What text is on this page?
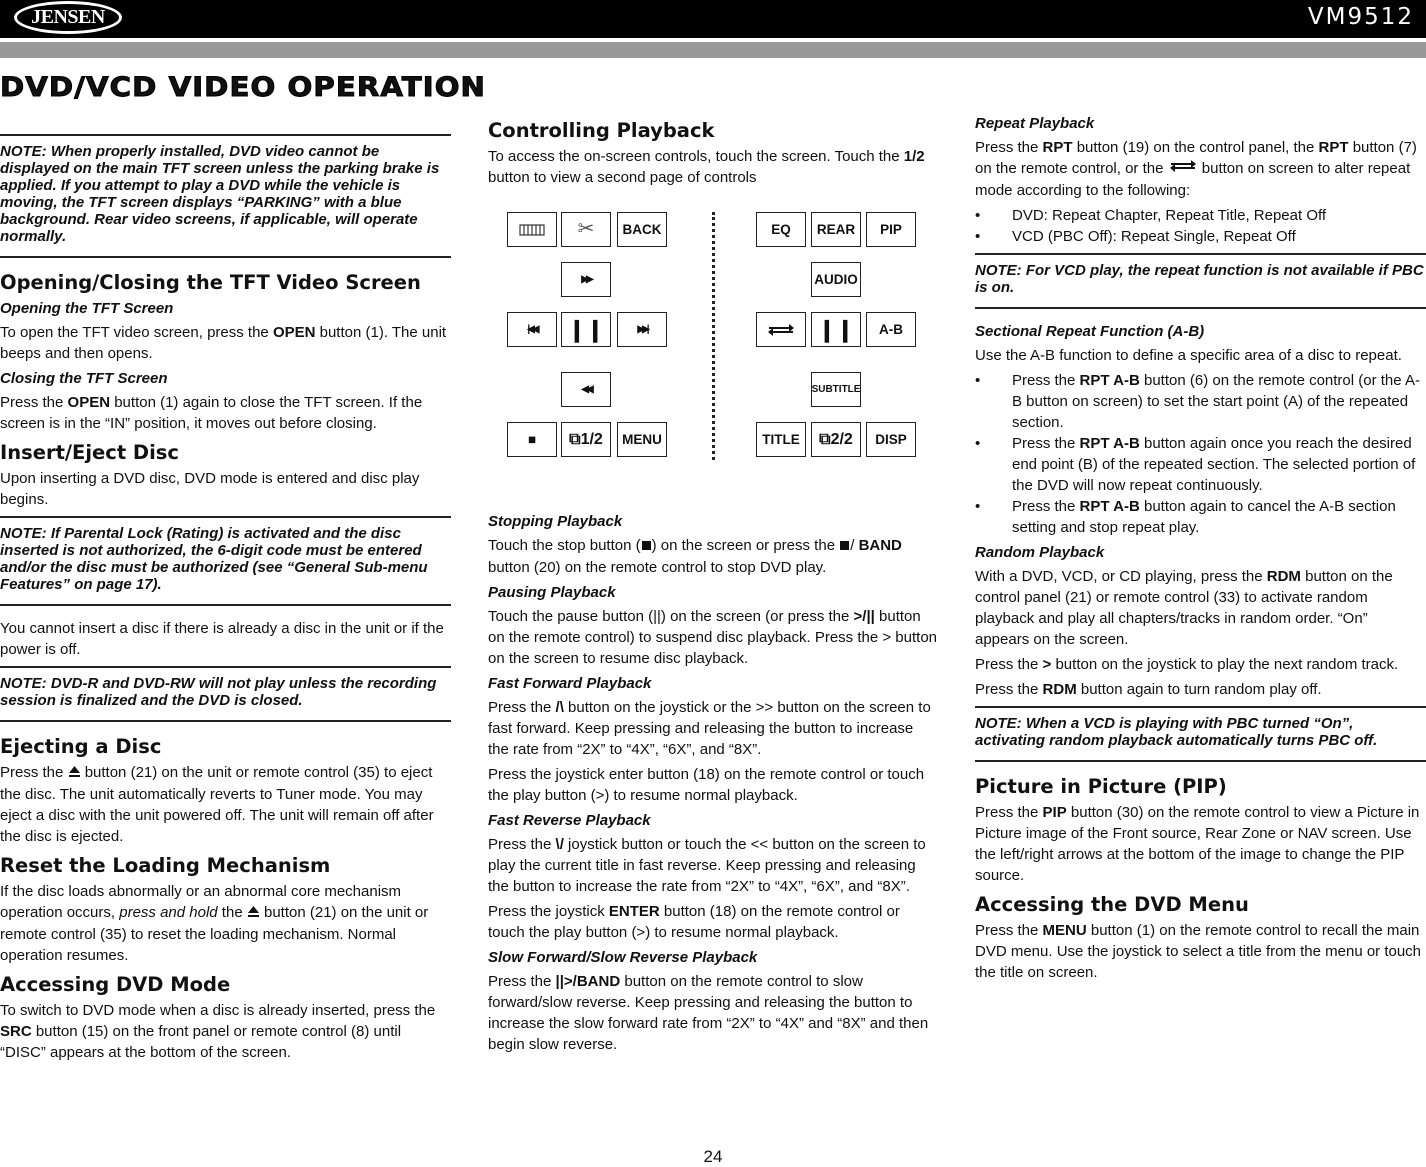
JENSEN	VM9512
DVD/VCD VIDEO OPERATION
NOTE: When properly installed, DVD video cannot be displayed on the main TFT screen unless the parking brake is applied. If you attempt to play a DVD while the vehicle is moving, the TFT screen displays “PARKING” with a blue background. Rear video screens, if applicable, will operate normally.
Opening/Closing the TFT Video Screen
Opening the TFT Screen
To open the TFT video screen, press the OPEN button (1). The unit beeps and then opens.
Closing the TFT Screen
Press the OPEN button (1) again to close the TFT screen. If the screen is in the “IN” position, it moves out before closing.
Insert/Eject Disc
Upon inserting a DVD disc, DVD mode is entered and disc play begins.
NOTE: If Parental Lock (Rating) is activated and the disc inserted is not authorized, the 6-digit code must be entered and/or the disc must be authorized (see “General Sub-menu Features” on page 17).
You cannot insert a disc if there is already a disc in the unit or if the power is off.
NOTE: DVD-R and DVD-RW will not play unless the recording session is finalized and the DVD is closed.
Ejecting a Disc
Press the  button (21) on the unit or remote control (35) to eject the disc. The unit automatically reverts to Tuner mode. You may eject a disc with the unit powered off. The unit will remain off after the disc is ejected.
Reset the Loading Mechanism
If the disc loads abnormally or an abnormal core mechanism operation occurs, press and hold the  button (21) on the unit or remote control (35) to reset the loading mechanism. Normal operation resumes.
Accessing DVD Mode
To switch to DVD mode when a disc is already inserted, press the SRC button (15) on the front panel or remote control (8) until “DISC” appears at the bottom of the screen.
Controlling Playback
To access the on-screen controls, touch the screen. Touch the 1/2 button to view a second page of controls
✂	BACK
▶▶
|◀◀	❙❙	▶▶|
◀◀
■	⧉1/2	MENU
EQ	REAR	PIP
AUDIO
❙❙	A-B
SUBTITLE
TITLE	⧉2/2	DISP
Stopping Playback
Touch the stop button ( ) on the screen or press the / BAND button (20) on the remote control to stop DVD play.
Pausing Playback
Touch the pause button (||) on the screen (or press the >/|| button on the remote control) to suspend disc playback. Press the > button on the screen to resume disc playback.
Fast Forward Playback
Press the /\ button on the joystick or the >> button on the screen to fast forward. Keep pressing and releasing the button to increase the rate from “2X” to “4X”, “6X”, and “8X”.
Press the joystick enter button (18) on the remote control or touch the play button (>) to resume normal playback.
Fast Reverse Playback
Press the \/ joystick button or touch the << button on the screen to play the current title in fast reverse. Keep pressing and releasing the button to increase the rate from “2X” to “4X”, “6X”, and “8X”.
Press the joystick ENTER button (18) on the remote control or touch the play button (>) to resume normal playback.
Slow Forward/Slow Reverse Playback
Press the ||>/BAND button on the remote control to slow forward/slow reverse. Keep pressing and releasing the button to increase the slow forward rate from “2X” to “4X” and “8X” and then begin slow reverse.
Repeat Playback
Press the RPT button (19) on the control panel, the RPT button (7) on the remote control, or the  button on screen to alter repeat mode according to the following:
• DVD: Repeat Chapter, Repeat Title, Repeat Off
• VCD (PBC Off): Repeat Single, Repeat Off
NOTE: For VCD play, the repeat function is not available if PBC is on.
Sectional Repeat Function (A-B)
Use the A-B function to define a specific area of a disc to repeat.
• Press the RPT A-B button (6) on the remote control (or the A-B button on screen) to set the start point (A) of the repeated section.
• Press the RPT A-B button again once you reach the desired end point (B) of the repeated section. The selected portion of the DVD will now repeat continuously.
• Press the RPT A-B button again to cancel the A-B section setting and stop repeat play.
Random Playback
With a DVD, VCD, or CD playing, press the RDM button on the control panel (21) or remote control (33) to activate random playback and play all chapters/tracks in random order. “On” appears on the screen.
Press the > button on the joystick to play the next random track.
Press the RDM button again to turn random play off.
NOTE: When a VCD is playing with PBC turned “On”, activating random playback automatically turns PBC off.
Picture in Picture (PIP)
Press the PIP button (30) on the remote control to view a Picture in Picture image of the Front source, Rear Zone or NAV screen. Use the left/right arrows at the bottom of the image to change the PIP source.
Accessing the DVD Menu
Press the MENU button (1) on the remote control to recall the main DVD menu. Use the joystick to select a title from the menu or touch the title on screen.
24
